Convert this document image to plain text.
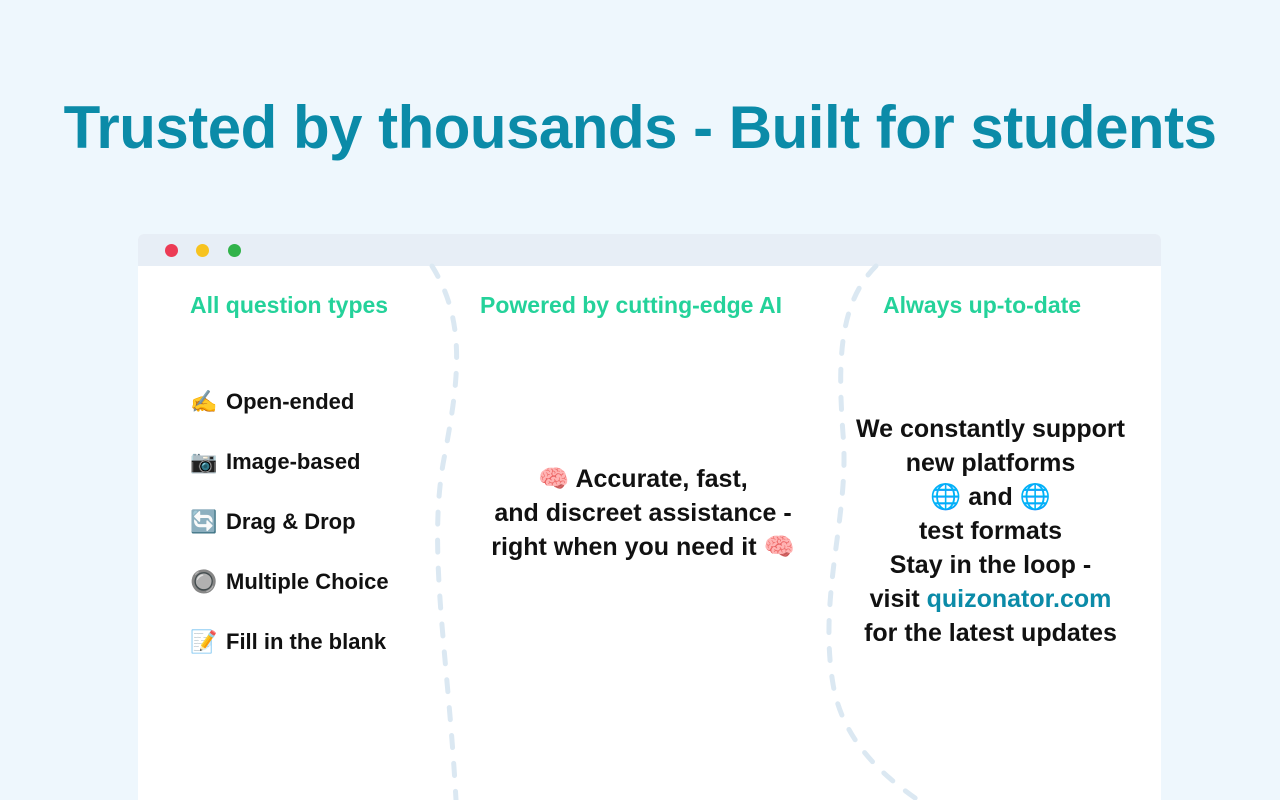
Trusted by thousands - Built for students
All question types	Powered by cutting-edge AI	Always up-to-date
✍️ Open-ended
📷 Image-based
🔄 Drag & Drop
🔘 Multiple Choice
📝 Fill in the blank
🧠 Accurate, fast,
and discreet assistance -
right when you need it 🧠
We constantly support
new platforms
🌐 and 🌐
test formats
Stay in the loop -
visit quizonator.com
for the latest updates
